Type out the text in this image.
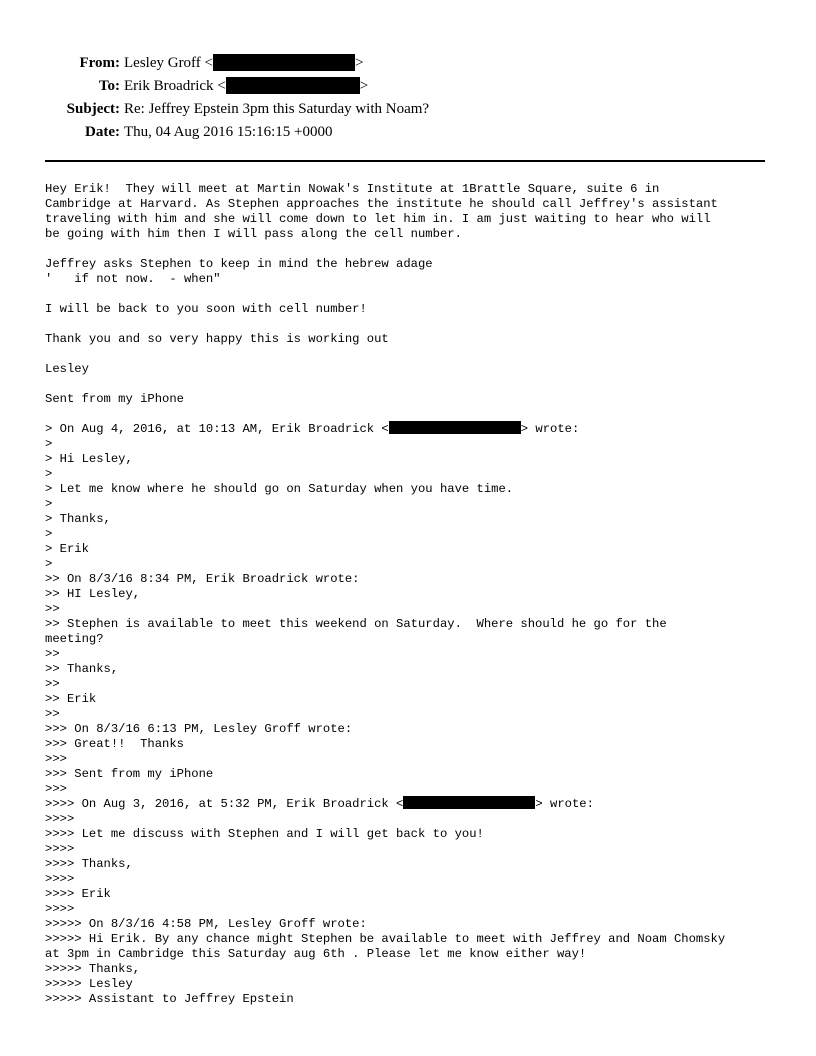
From: Lesley Groff <	>
To: Erik Broadrick <	>
Subject: Re: Jeffrey Epstein 3pm this Saturday with Noam?
Date: Thu, 04 Aug 2016 15:16:15 +0000
Hey Erik!  They will meet at Martin Nowak's Institute at 1Brattle Square, suite 6 in
Cambridge at Harvard. As Stephen approaches the institute he should call Jeffrey's assistant
traveling with him and she will come down to let him in. I am just waiting to hear who will
be going with him then I will pass along the cell number.
Jeffrey asks Stephen to keep in mind the hebrew adage
'   if not now.  - when"
I will be back to you soon with cell number!
Thank you and so very happy this is working out
Lesley
Sent from my iPhone
> On Aug 4, 2016, at 10:13 AM, Erik Broadrick <	> wrote:
>
> Hi Lesley,
>
> Let me know where he should go on Saturday when you have time.
>
> Thanks,
>
> Erik
>
>> On 8/3/16 8:34 PM, Erik Broadrick wrote:
>> HI Lesley,
>>
>> Stephen is available to meet this weekend on Saturday.  Where should he go for the
meeting?
>>
>> Thanks,
>>
>> Erik
>>
>>> On 8/3/16 6:13 PM, Lesley Groff wrote:
>>> Great!!  Thanks
>>>
>>> Sent from my iPhone
>>>
>>>> On Aug 3, 2016, at 5:32 PM, Erik Broadrick <	> wrote:
>>>>
>>>> Let me discuss with Stephen and I will get back to you!
>>>>
>>>> Thanks,
>>>>
>>>> Erik
>>>>
>>>>> On 8/3/16 4:58 PM, Lesley Groff wrote:
>>>>> Hi Erik. By any chance might Stephen be available to meet with Jeffrey and Noam Chomsky
at 3pm in Cambridge this Saturday aug 6th . Please let me know either way!
>>>>> Thanks,
>>>>> Lesley
>>>>> Assistant to Jeffrey Epstein
